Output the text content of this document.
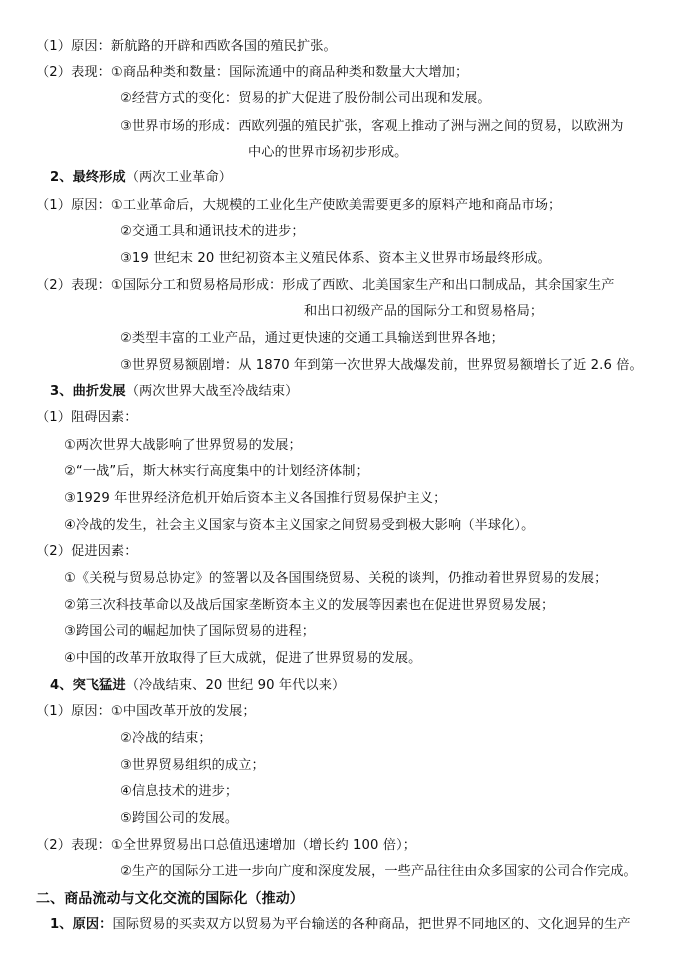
（1）原因：新航路的开辟和西欧各国的殖民扩张。
（2）表现：①商品种类和数量：国际流通中的商品种类和数量大大增加；
②经营方式的变化：贸易的扩大促进了股份制公司出现和发展。
③世界市场的形成：西欧列强的殖民扩张，客观上推动了洲与洲之间的贸易，以欧洲为
中心的世界市场初步形成。
2、最终形成（两次工业革命）
（1）原因：①工业革命后，大规模的工业化生产使欧美需要更多的原料产地和商品市场；
②交通工具和通讯技术的进步；
③19 世纪末 20 世纪初资本主义殖民体系、资本主义世界市场最终形成。
（2）表现：①国际分工和贸易格局形成：形成了西欧、北美国家生产和出口制成品，其余国家生产
和出口初级产品的国际分工和贸易格局；
②类型丰富的工业产品，通过更快速的交通工具输送到世界各地；
③世界贸易额剧增：从 1870 年到第一次世界大战爆发前，世界贸易额增长了近 2.6 倍。
3、曲折发展（两次世界大战至冷战结束）
（1）阻碍因素：
①两次世界大战影响了世界贸易的发展；
②“一战”后，斯大林实行高度集中的计划经济体制；
③1929 年世界经济危机开始后资本主义各国推行贸易保护主义；
④冷战的发生，社会主义国家与资本主义国家之间贸易受到极大影响（半球化）。
（2）促进因素：
①《关税与贸易总协定》的签署以及各国围绕贸易、关税的谈判，仍推动着世界贸易的发展；
②第三次科技革命以及战后国家垄断资本主义的发展等因素也在促进世界贸易发展；
③跨国公司的崛起加快了国际贸易的进程；
④中国的改革开放取得了巨大成就，促进了世界贸易的发展。
4、突飞猛进（冷战结束、20 世纪 90 年代以来）
（1）原因：①中国改革开放的发展；
②冷战的结束；
③世界贸易组织的成立；
④信息技术的进步；
⑤跨国公司的发展。
（2）表现：①全世界贸易出口总值迅速增加（增长约 100 倍）；
②生产的国际分工进一步向广度和深度发展，一些产品往往由众多国家的公司合作完成。
二、商品流动与文化交流的国际化（推动）
1、原因：国际贸易的买卖双方以贸易为平台输送的各种商品，把世界不同地区的、文化迥异的生产
